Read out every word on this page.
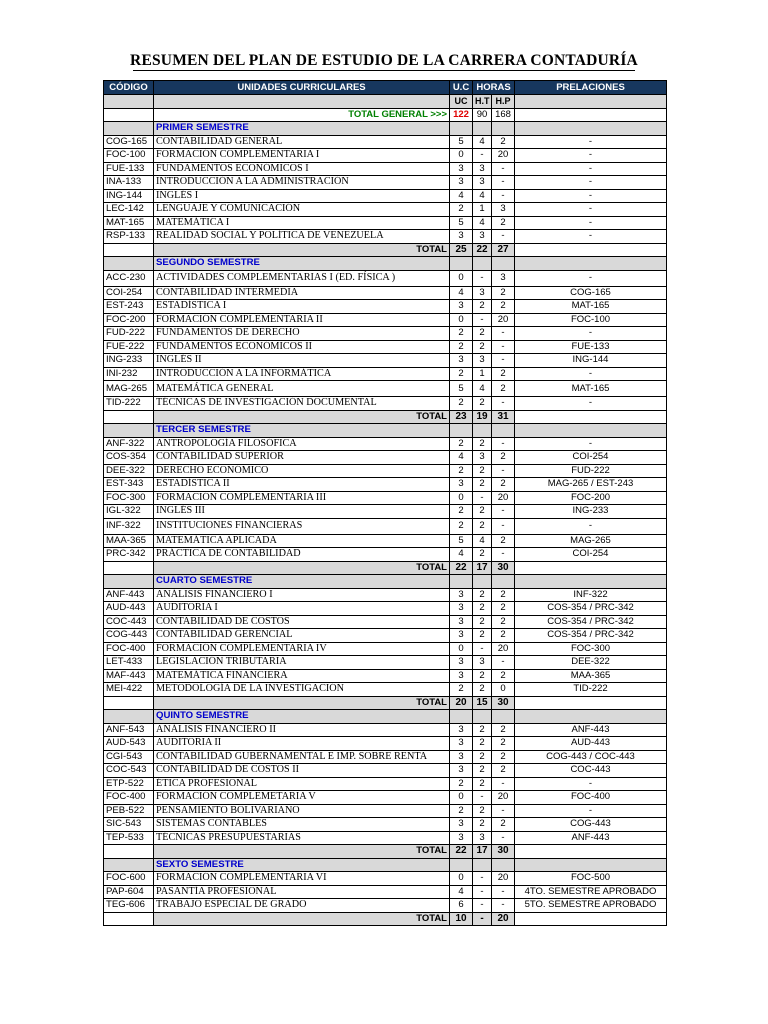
RESUMEN DEL PLAN DE ESTUDIO DE LA CARRERA CONTADURÍA
CÓDIGO	UNIDADES CURRICULARES	U.C	HORAS		PRELACIONES
		UC	H.T	H.P	
	TOTAL GENERAL >>>	122	90	168	
	PRIMER SEMESTRE				
COG-165	CONTABILIDAD GENERAL	5	4	2	-
FOC-100	FORMACIÓN COMPLEMENTARIA I	0	-	20	-
FUE-133	FUNDAMENTOS ECONÓMICOS I	3	3	-	-
INA-133	INTRODUCCIÓN A LA ADMINISTRACIÓN	3	3	-	-
ING-144	INGLÉS I	4	4	-	-
LEC-142	LENGUAJE Y COMUNICACIÓN	2	1	3	-
MAT-165	MATEMÁTICA I	5	4	2	-
RSP-133	REALIDAD SOCIAL Y POLÍTICA DE VENEZUELA	3	3	-	-
	TOTAL	25	22	27	
	SEGUNDO SEMESTRE				
ACC-230	ACTIVIDADES COMPLEMENTARIAS I (ED. FÍSICA )	0	-	3	-
COI-254	CONTABILIDAD INTERMEDIA	4	3	2	COG-165
EST-243	ESTADÍSTICA I	3	2	2	MAT-165
FOC-200	FORMACIÓN COMPLEMENTARIA II	0	-	20	FOC-100
FUD-222	FUNDAMENTOS DE DERECHO	2	2	-	-
FUE-222	FUNDAMENTOS ECONÓMICOS II	2	2	-	FUE-133
ING-233	INGLÉS II	3	3	-	ING-144
INI-232	INTRODUCCIÓN A LA INFORMÁTICA	2	1	2	-
MAG-265	MATEMÁTICA GENERAL	5	4	2	MAT-165
TID-222	TÉCNICAS DE INVESTIGACIÓN DOCUMENTAL	2	2	-	-
	TOTAL	23	19	31	
	TERCER SEMESTRE				
ANF-322	ANTROPOLOGÍA FILOSÓFICA	2	2	-	-
COS-354	CONTABILIDAD SUPERIOR	4	3	2	COI-254
DEE-322	DERECHO ECONÓMICO	2	2	-	FUD-222
EST-343	ESTADÍSTICA II	3	2	2	MAG-265 / EST-243
FOC-300	FORMACIÓN COMPLEMENTARIA III	0	-	20	FOC-200
IGL-322	INGLÉS III	2	2	-	ING-233
INF-322	INSTITUCIONES FINANCIERAS	2	2	-	-
MAA-365	MATEMÁTICA APLICADA	5	4	2	MAG-265
PRC-342	PRÁCTICA DE CONTABILIDAD	4	2	-	COI-254
	TOTAL	22	17	30	
	CUARTO SEMESTRE				
ANF-443	ANÁLISIS FINANCIERO I	3	2	2	INF-322
AUD-443	AUDITORIA I	3	2	2	COS-354 / PRC-342
COC-443	CONTABILIDAD DE COSTOS	3	2	2	COS-354 / PRC-342
COG-443	CONTABILIDAD GERENCIAL	3	2	2	COS-354 / PRC-342
FOC-400	FORMACIÓN COMPLEMENTARIA IV	0	-	20	FOC-300
LET-433	LEGISLACIÓN TRIBUTARIA	3	3	-	DEE-322
MAF-443	MATEMÁTICA FINANCIERA	3	2	2	MAA-365
MEI-422	METODOLOGÍA DE LA INVESTIGACIÓN	2	2	0	TID-222
	TOTAL	20	15	30	
	QUINTO SEMESTRE				
ANF-543	ANÁLISIS FINANCIERO II	3	2	2	ANF-443
AUD-543	AUDITORIA II	3	2	2	AUD-443
CGI-543	CONTABILIDAD GUBERNAMENTAL E IMP. SOBRE RENTA	3	2	2	COG-443 / COC-443
COC-543	CONTABILIDAD DE COSTOS II	3	2	2	COC-443
ETP-522	ÉTICA PROFESIONAL	2	2	-	-
FOC-400	FORMACIÓN COMPLEMETARIA V	0	-	20	FOC-400
PEB-522	PENSAMIENTO BOLIVARIANO	2	2	-	-
SIC-543	SISTEMAS CONTABLES	3	2	2	COG-443
TEP-533	TÉCNICAS PRESUPUESTARIAS	3	3	-	ANF-443
	TOTAL	22	17	30	
	SEXTO SEMESTRE				
FOC-600	FORMACIÓN COMPLEMENTARIA VI	0	-	20	FOC-500
PAP-604	PASANTÍA PROFESIONAL	4	-	-	4TO. SEMESTRE APROBADO
TEG-606	TRABAJO ESPECIAL DE GRADO	6	-	-	5TO. SEMESTRE APROBADO
	TOTAL	10	-	20	
